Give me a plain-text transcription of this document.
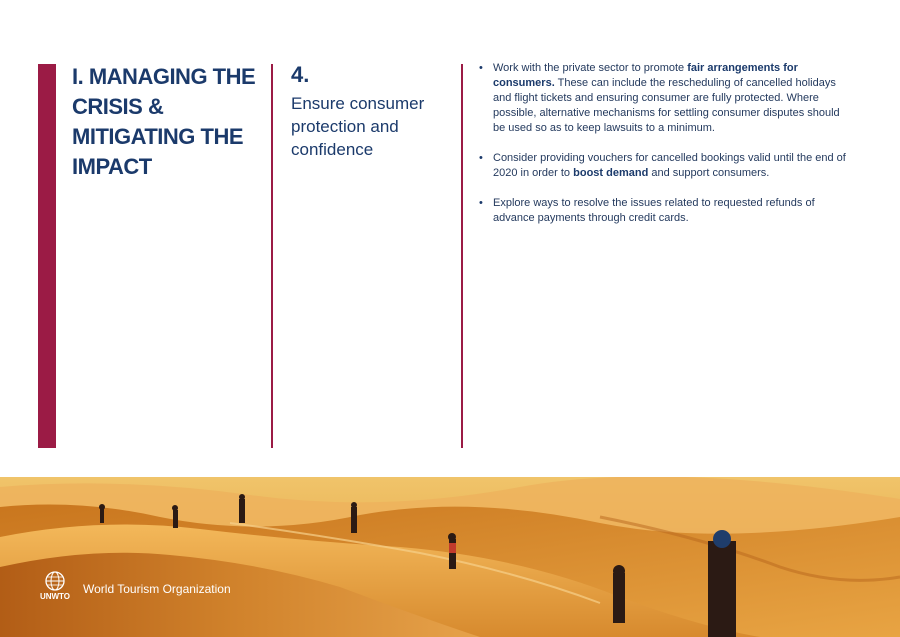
I. MANAGING THE CRISIS & MITIGATING THE IMPACT

4.

Ensure consumer protection and confidence

• Work with the private sector to promote fair arrangements for consumers. These can include the rescheduling of cancelled holidays and flight tickets and ensuring consumer are fully protected. Where possible, alternative mechanisms for settling consumer disputes should be used so as to keep lawsuits to a minimum.
• Consider providing vouchers for cancelled bookings valid until the end of 2020 in order to boost demand and support consumers.
• Explore ways to resolve the issues related to requested refunds of advance payments through credit cards.
UNWTO

World Tourism Organization
